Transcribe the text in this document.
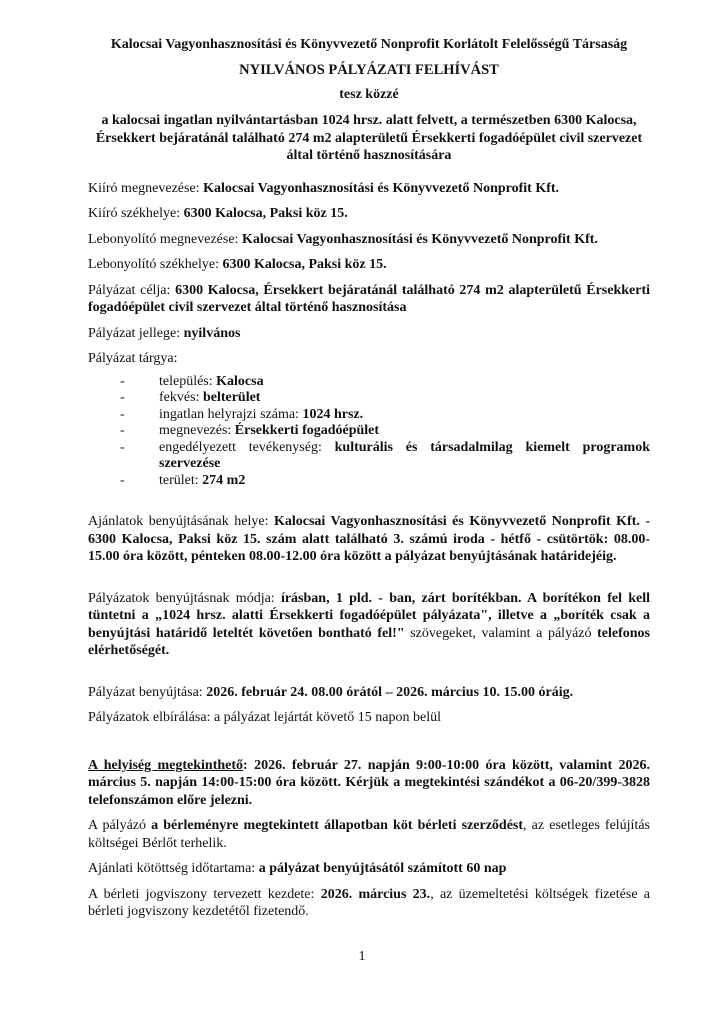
Kalocsai Vagyonhasznosítási és Könyvvezető Nonprofit Korlátolt Felelősségű Társaság
NYILVÁNOS PÁLYÁZATI FELHÍVÁST
tesz közzé
a kalocsai ingatlan nyilvántartásban 1024 hrsz. alatt felvett, a természetben 6300 Kalocsa, Érsekkert bejáratánál található 274 m2 alapterületű Érsekkerti fogadóépület civil szervezet által történő hasznosítására

Kiíró megnevezése: Kalocsai Vagyonhasznosítási és Könyvvezető Nonprofit Kft.

Kiíró székhelye: 6300 Kalocsa, Paksi köz 15.

Lebonyolító megnevezése: Kalocsai Vagyonhasznosítási és Könyvvezető Nonprofit Kft.

Lebonyolító székhelye: 6300 Kalocsa, Paksi köz 15.

Pályázat célja: 6300 Kalocsa, Érsekkert bejáratánál található 274 m2 alapterületű Érsekkerti fogadóépület civil szervezet által történő hasznosítása

Pályázat jellege: nyilvános

Pályázat tárgya:

- település: Kalocsa
- fekvés: belterület
- ingatlan helyrajzi száma: 1024 hrsz.
- megnevezés: Érsekkerti fogadóépület
- engedélyezett tevékenység: kulturális és társadalmilag kiemelt programok szervezése
- terület: 274 m2

Ajánlatok benyújtásának helye: Kalocsai Vagyonhasznosítási és Könyvvezető Nonprofit Kft. - 6300 Kalocsa, Paksi köz 15. szám alatt található 3. számú iroda - hétfő - csütörtök: 08.00-15.00 óra között, pénteken 08.00-12.00 óra között a pályázat benyújtásának határidejéig.

Pályázatok benyújtásnak módja: írásban, 1 pld. - ban, zárt borítékban. A borítékon fel kell tüntetni a „1024 hrsz. alatti Érsekkerti fogadóépület pályázata", illetve a „boríték csak a benyújtási határidő leteltét követően bontható fel!" szövegeket, valamint a pályázó telefonos elérhetőségét.

Pályázat benyújtása: 2026. február 24. 08.00 órától – 2026. március 10. 15.00 óráig.

Pályázatok elbírálása: a pályázat lejártát követő 15 napon belül

A helyiség megtekinthető: 2026. február 27. napján 9:00-10:00 óra között, valamint 2026. március 5. napján 14:00-15:00 óra között. Kérjük a megtekintési szándékot a 06-20/399-3828 telefonszámon előre jelezni.

A pályázó a bérleményre megtekintett állapotban köt bérleti szerződést, az esetleges felújítás költségei Bérlőt terhelik.

Ajánlati kötöttség időtartama: a pályázat benyújtásától számított 60 nap

A bérleti jogviszony tervezett kezdete: 2026. március 23., az üzemeltetési költségek fizetése a bérleti jogviszony kezdetétől fizetendő.

1
